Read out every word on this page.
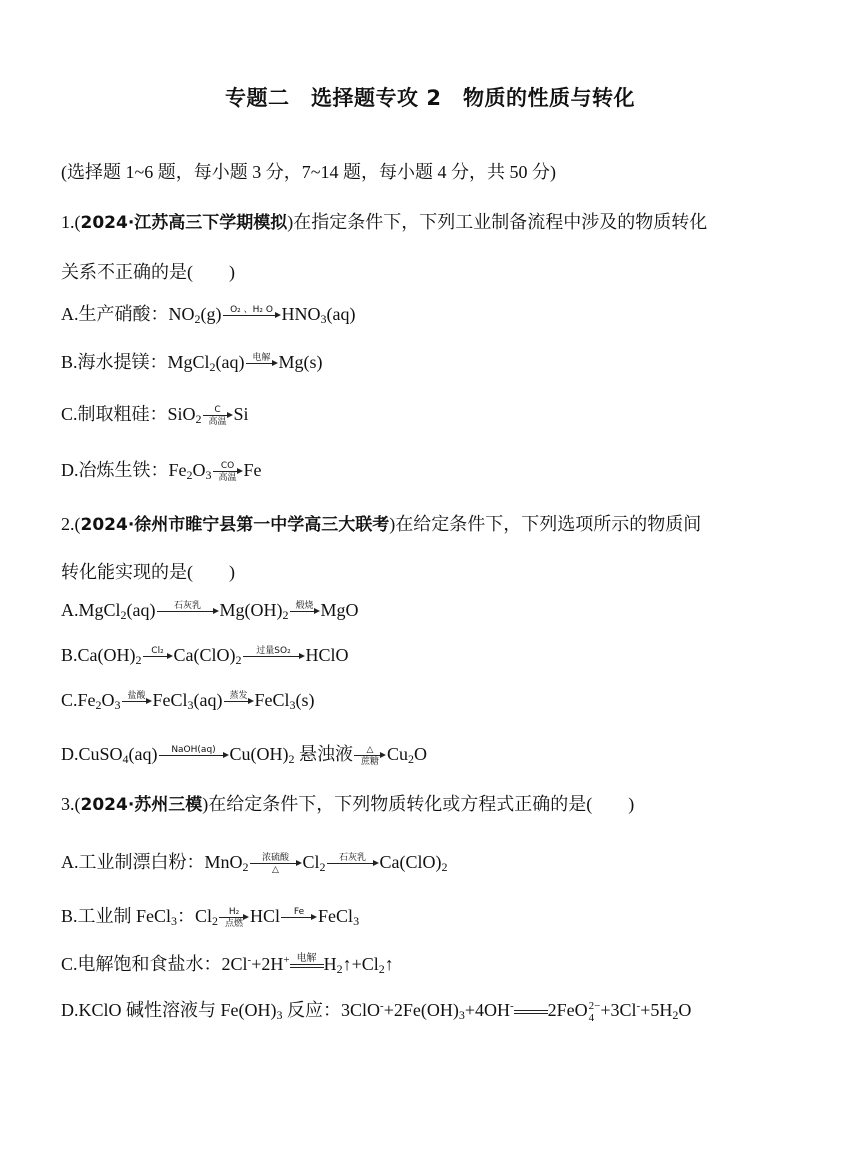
专题二　选择题专攻 2　物质的性质与转化
(选择题 1~6 题，每小题 3 分，7~14 题，每小题 4 分，共 50 分)
1.(2024·江苏高三下学期模拟)在指定条件下，下列工业制备流程中涉及的物质转化
关系不正确的是(　　)
A.生产硝酸：$NO_2(g)$ O₂ 、H₂ O $HNO_3(aq)$
B.海水提镁：MgCl$_2$(aq) 电解 Mg(s)
C.制取粗硅：SiO$_2$
C
高温 Si
D.冶炼生铁：$Fe_2O_3$
CO
高温 Fe
2.(2024·徐州市睢宁县第一中学高三大联考)在给定条件下，下列选项所示的物质间
转化能实现的是(　　)
A.MgCl$_2$(aq)	石灰乳	$Mg(OH)_2$
煅烧 MgO
$B.Ca(OH)_2$
Cl₂ $Ca(ClO)_2$
过量SO₂ HClO
$C.Fe_2O_3$
盐酸 FeCl$_3$(aq) 蒸发 FeCl$_3$(s)
D.CuSO$_4$(aq)	NaOH(aq) $Cu(OH)_2$ 悬浊液	△
蔗糖 $Cu_2O$
3.(2024·苏州三模)在给定条件下，下列物质转化或方程式正确的是(　　)
A.工业制漂白粉：MnO$_2$
浓硫酸
△	$Cl_2$
石灰乳 $Ca(ClO)_2$
B.工业制 FeCl$_3$：$Cl_2$
H₂
点燃 HCl	Fe FeCl$_3$
C.电解饱和食盐水：2Cl-+2H+ 电解 $H_2↑+Cl_2↑$
D.KClO 碱性溶液与 $Fe(OH)_3$ 反应：$3ClO^-+2Fe(OH)_3+4OH^-$ 2FeO2−
$4 +3Cl^-+5H_2O$
